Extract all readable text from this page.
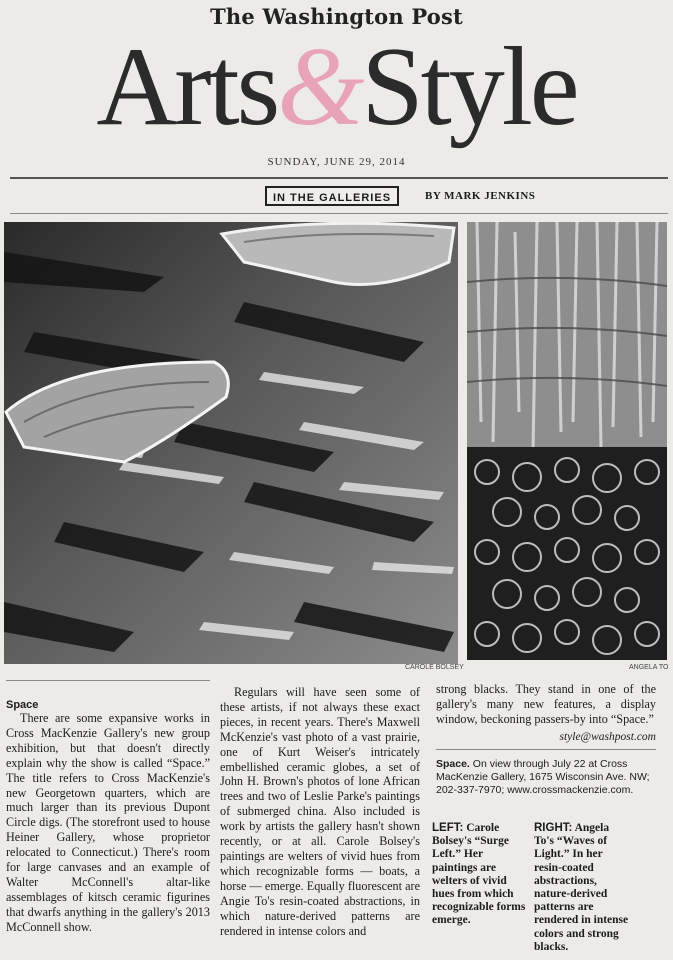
The Washington Post
Arts&Style
SUNDAY, JUNE 29, 2014
IN THE GALLERIES	BY MARK JENKINS
CAROLE BOLSEY	ANGELA TO
Space

There are some expansive works in Cross MacKenzie Gallery's new group exhibition, but that doesn't directly explain why the show is called “Space.” The title refers to Cross MacKenzie's new Georgetown quarters, which are much larger than its previous Dupont Circle digs. (The storefront used to house Heiner Gallery, whose proprietor relocated to Connecticut.) There's room for large canvases and an example of Walter McConnell's altar-like assemblages of kitsch ceramic figurines that dwarfs anything in the gallery's 2013 McConnell show.

Regulars will have seen some of these artists, if not always these exact pieces, in recent years. There's Maxwell McKenzie's vast photo of a vast prairie, one of Kurt Weiser's intricately embellished ceramic globes, a set of John H. Brown's photos of lone African trees and two of Leslie Parke's paintings of submerged china. Also included is work by artists the gallery hasn't shown recently, or at all. Carole Bolsey's paintings are welters of vivid hues from which recognizable forms — boats, a horse — emerge. Equally fluorescent are Angie To's resin-coated abstractions, in which nature-derived patterns are rendered in intense colors and

strong blacks. They stand in one of the gallery's many new features, a display window, beckoning passers-by into “Space.”

style@washpost.com
Space. On view through July 22 at Cross MacKenzie Gallery, 1675 Wisconsin Ave. NW; 202-337-7970; www.crossmackenzie.com.
LEFT: Carole Bolsey's “Surge Left.” Her paintings are welters of vivid hues from which recognizable forms emerge.
RIGHT: Angela To's “Waves of Light.” In her resin-coated abstractions, nature-derived patterns are rendered in intense colors and strong blacks.
